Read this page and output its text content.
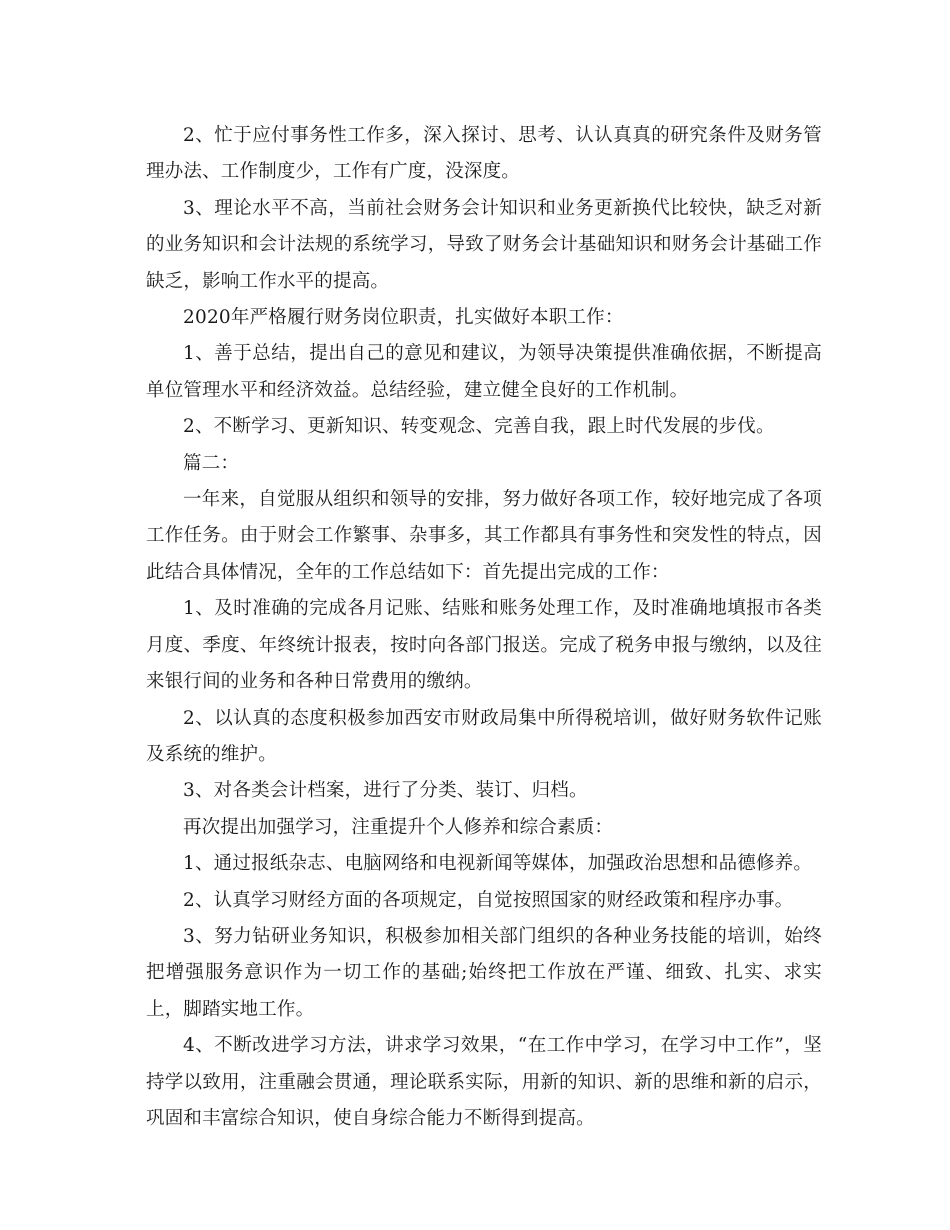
2、忙于应付事务性工作多，深入探讨、思考、认认真真的研究条件及财务管理办法、工作制度少，工作有广度，没深度。

3、理论水平不高，当前社会财务会计知识和业务更新换代比较快，缺乏对新的业务知识和会计法规的系统学习，导致了财务会计基础知识和财务会计基础工作缺乏，影响工作水平的提高。

2020年严格履行财务岗位职责，扎实做好本职工作：

1、善于总结，提出自己的意见和建议，为领导决策提供准确依据，不断提高单位管理水平和经济效益。总结经验，建立健全良好的工作机制。

2、不断学习、更新知识、转变观念、完善自我，跟上时代发展的步伐。

篇二：

一年来，自觉服从组织和领导的安排，努力做好各项工作，较好地完成了各项工作任务。由于财会工作繁事、杂事多，其工作都具有事务性和突发性的特点，因此结合具体情况，全年的工作总结如下：首先提出完成的工作：

1、及时准确的完成各月记账、结账和账务处理工作，及时准确地填报市各类月度、季度、年终统计报表，按时向各部门报送。完成了税务申报与缴纳，以及往来银行间的业务和各种日常费用的缴纳。

2、以认真的态度积极参加西安市财政局集中所得税培训，做好财务软件记账及系统的维护。

3、对各类会计档案，进行了分类、装订、归档。

再次提出加强学习，注重提升个人修养和综合素质：

1、通过报纸杂志、电脑网络和电视新闻等媒体，加强政治思想和品德修养。

2、认真学习财经方面的各项规定，自觉按照国家的财经政策和程序办事。

3、努力钻研业务知识，积极参加相关部门组织的各种业务技能的培训，始终把增强服务意识作为一切工作的基础;始终把工作放在严谨、细致、扎实、求实上，脚踏实地工作。

4、不断改进学习方法，讲求学习效果，“在工作中学习，在学习中工作”，坚持学以致用，注重融会贯通，理论联系实际，用新的知识、新的思维和新的启示，巩固和丰富综合知识，使自身综合能力不断得到提高。
